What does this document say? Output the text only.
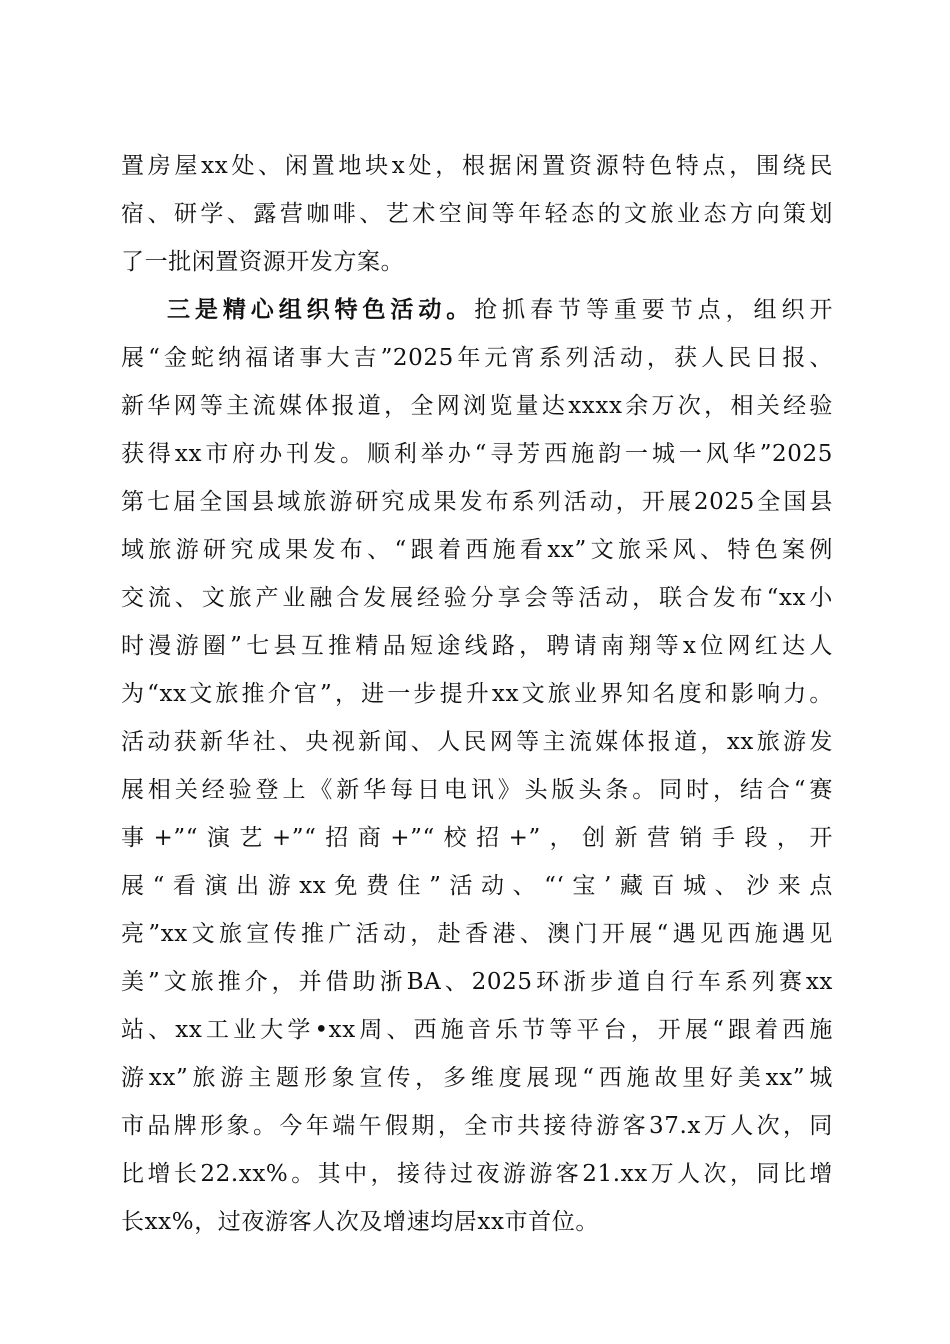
置房屋xx处、闲置地块x处，根据闲置资源特色特点，围绕民
宿、研学、露营咖啡、艺术空间等年轻态的文旅业态方向策划
了一批闲置资源开发方案。
三是精心组织特色活动。抢抓春节等重要节点，组织开
展“金蛇纳福诸事大吉”2025年元宵系列活动，获人民日报、
新华网等主流媒体报道，全网浏览量达xxxx余万次，相关经验
获得xx市府办刊发。顺利举办“寻芳西施韵一城一风华”2025
第七届全国县域旅游研究成果发布系列活动，开展2025全国县
域旅游研究成果发布、“跟着西施看xx”文旅采风、特色案例
交流、文旅产业融合发展经验分享会等活动，联合发布“xx小
时漫游圈”七县互推精品短途线路，聘请南翔等x位网红达人
为“xx文旅推介官”，进一步提升xx文旅业界知名度和影响力。
活动获新华社、央视新闻、人民网等主流媒体报道，xx旅游发
展相关经验登上《新华每日电讯》头版头条。同时，结合“赛
事+”“演艺+”“招商+”“校招+”，创新营销手段，开
展“看演出游xx免费住”活动、“‘宝’藏百城、沙来点
亮”xx文旅宣传推广活动，赴香港、澳门开展“遇见西施遇见
美”文旅推介，并借助浙BA、2025环浙步道自行车系列赛xx
站、xx工业大学•xx周、西施音乐节等平台，开展“跟着西施
游xx”旅游主题形象宣传，多维度展现“西施故里好美xx”城
市品牌形象。今年端午假期，全市共接待游客37.x万人次，同
比增长22.xx%。其中，接待过夜游游客21.xx万人次，同比增
长xx%，过夜游客人次及增速均居xx市首位。
